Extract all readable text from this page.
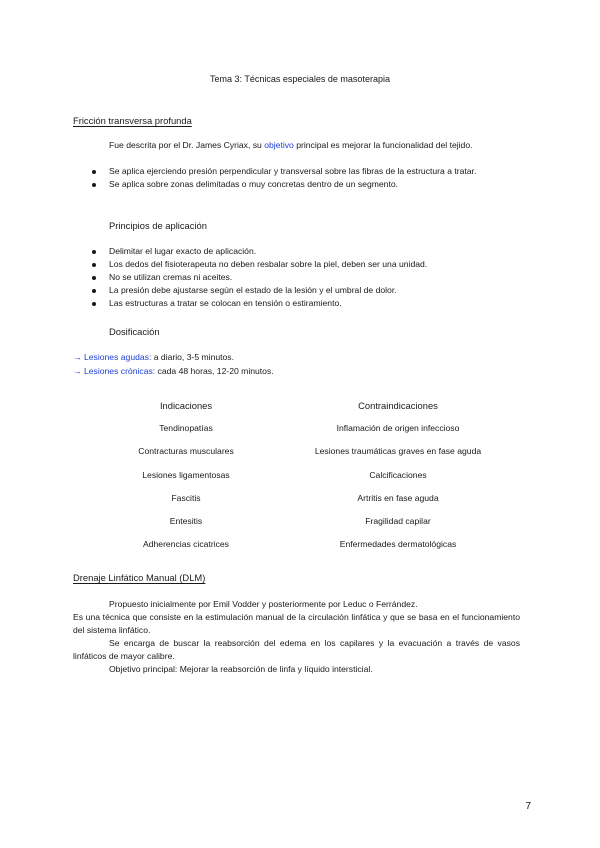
Tema 3: Técnicas especiales de masoterapia
Fricción transversa profunda

Fue descrita por el Dr. James Cyriax, su objetivo principal es mejorar la funcionalidad del tejido.

Se aplica ejerciendo presión perpendicular y transversal sobre las fibras de la estructura a tratar.
Se aplica sobre zonas delimitadas o muy concretas dentro de un segmento.
Principios de aplicación
Delimitar el lugar exacto de aplicación.
Los dedos del fisioterapeuta no deben resbalar sobre la piel, deben ser una unidad.
No se utilizan cremas ni aceites.
La presión debe ajustarse según el estado de la lesión y el umbral de dolor.
Las estructuras a tratar se colocan en tensión o estiramiento.
Dosificación
→ Lesiones agudas: a diario, 3-5 minutos.
→ Lesiones crónicas: cada 48 horas, 12-20 minutos.
Indicaciones
Tendinopatías
Contracturas musculares
Lesiones ligamentosas
Fascitis
Entesitis
Adherencias cicatrices
Contraindicaciones
Inflamación de origen infeccioso
Lesiones traumáticas graves en fase aguda
Calcificaciones
Artritis en fase aguda
Fragilidad capilar
Enfermedades dermatológicas
Drenaje Linfático Manual (DLM)

Propuesto inicialmente por Emil Vodder y posteriormente por Leduc o Ferrández.

Es una técnica que consiste en la estimulación manual de la circulación linfática y que se basa en el funcionamiento del sistema linfático.

Se encarga de buscar la reabsorción del edema en los capilares y la evacuación a través de vasos linfáticos de mayor calibre.

Objetivo principal: Mejorar la reabsorción de linfa y líquido intersticial.

7
